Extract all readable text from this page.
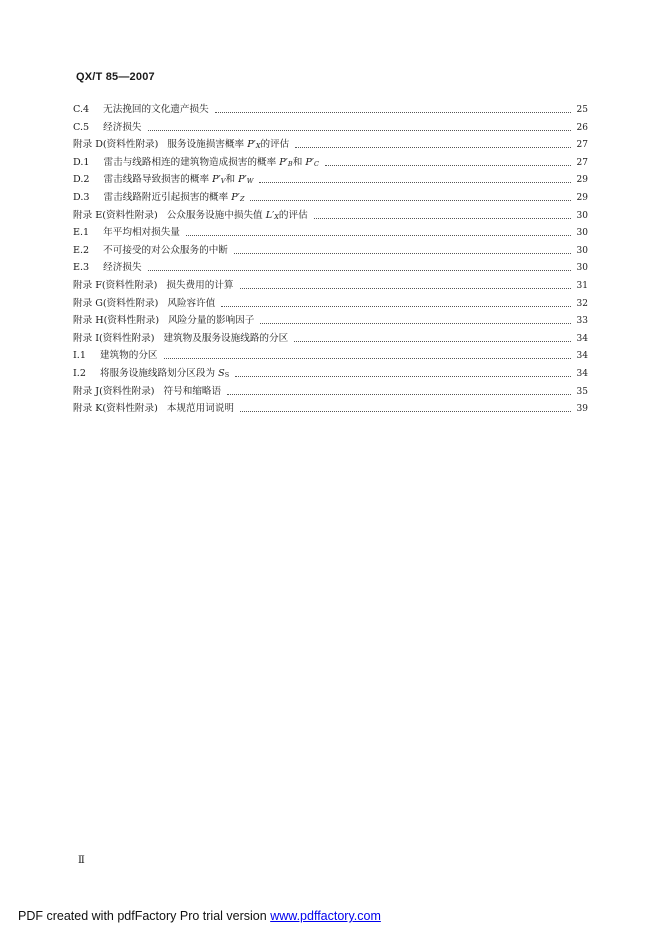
QX/T 85—2007
C.4 无法挽回的文化遗产损失	25
C.5 经济损失	26
附录 D(资料性附录) 服务设施损害概率 $P'_X$的评估	27
D.1 雷击与线路相连的建筑物造成损害的概率 $P'_B$和 $P'_C$	27
D.2 雷击线路导致损害的概率 $P'_V$和 $P'_W$	29
D.3 雷击线路附近引起损害的概率 $P'_Z$	29
附录 E(资料性附录) 公众服务设施中损失值 $L'_X$的评估	30
E.1 年平均相对损失量	30
E.2 不可接受的对公众服务的中断	30
E.3 经济损失	30
附录 F(资料性附录) 损失费用的计算	31
附录 G(资料性附录) 风险容许值	32
附录 H(资料性附录) 风险分量的影响因子	33
附录 I(资料性附录) 建筑物及服务设施线路的分区	34
I.1 建筑物的分区	34
I.2 将服务设施线路划分区段为 $S_S$	34
附录 J(资料性附录) 符号和缩略语	35
附录 K(资料性附录) 本规范用词说明	39
Ⅱ
PDF created with pdfFactory Pro trial version www.pdffactory.com
